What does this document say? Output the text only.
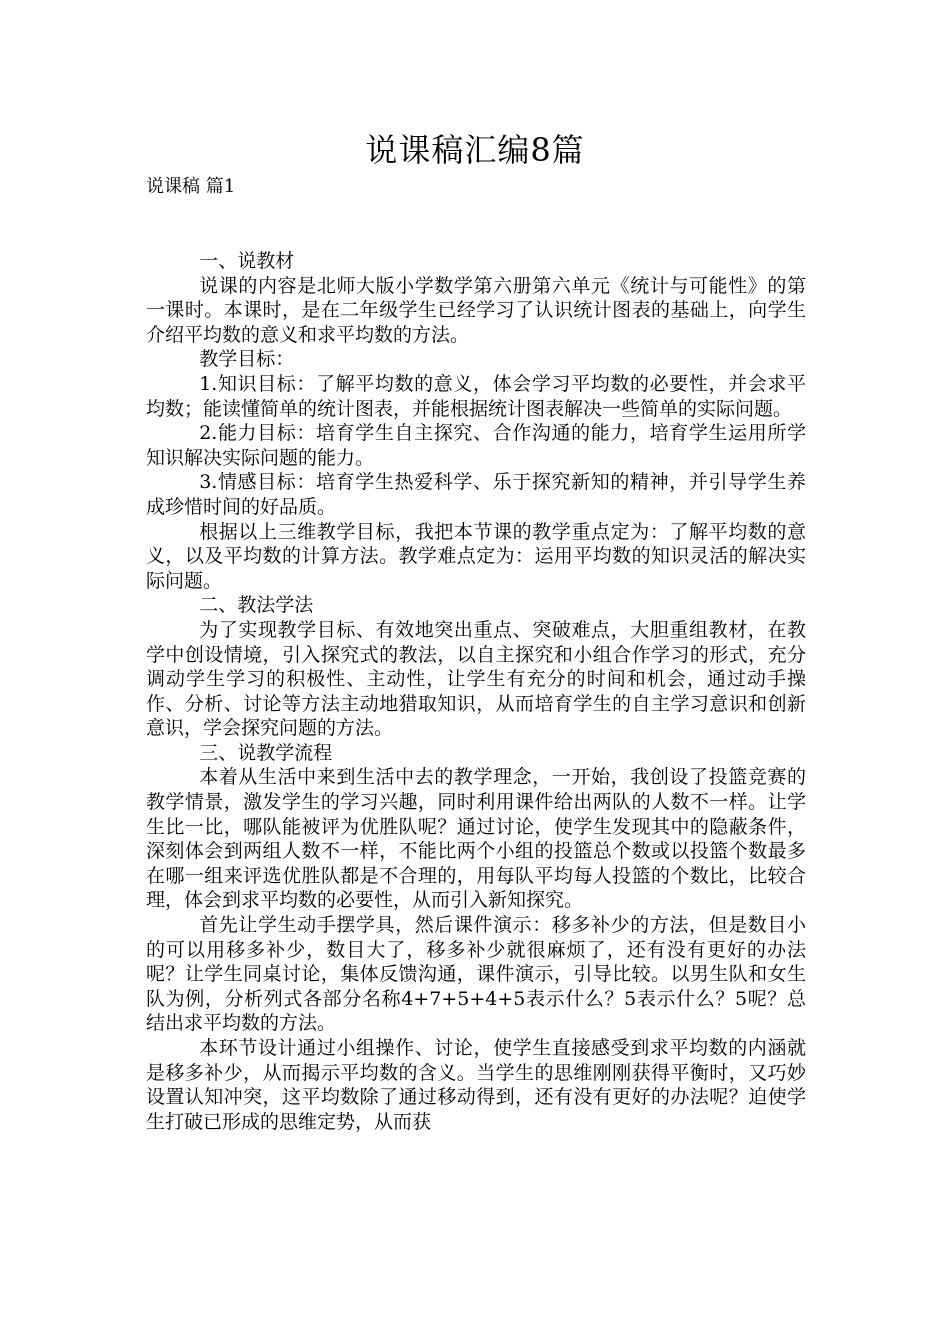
说课稿汇编8篇
说课稿 篇1

一、说教材

说课的内容是北师大版小学数学第六册第六单元《统计与可能性》的第一课时。本课时，是在二年级学生已经学习了认识统计图表的基础上，向学生介绍平均数的意义和求平均数的方法。

教学目标：

1.知识目标：了解平均数的意义，体会学习平均数的必要性，并会求平均数；能读懂简单的统计图表，并能根据统计图表解决一些简单的实际问题。

2.能力目标：培育学生自主探究、合作沟通的能力，培育学生运用所学知识解决实际问题的能力。

3.情感目标：培育学生热爱科学、乐于探究新知的精神，并引导学生养成珍惜时间的好品质。

根据以上三维教学目标，我把本节课的教学重点定为：了解平均数的意义，以及平均数的计算方法。教学难点定为：运用平均数的知识灵活的解决实际问题。

二、教法学法

为了实现教学目标、有效地突出重点、突破难点，大胆重组教材，在教学中创设情境，引入探究式的教法，以自主探究和小组合作学习的形式，充分调动学生学习的积极性、主动性，让学生有充分的时间和机会，通过动手操作、分析、讨论等方法主动地猎取知识，从而培育学生的自主学习意识和创新意识，学会探究问题的方法。

三、说教学流程

本着从生活中来到生活中去的教学理念，一开始，我创设了投篮竞赛的教学情景，激发学生的学习兴趣，同时利用课件给出两队的人数不一样。让学生比一比，哪队能被评为优胜队呢？通过讨论，使学生发现其中的隐蔽条件，深刻体会到两组人数不一样，不能比两个小组的投篮总个数或以投篮个数最多在哪一组来评选优胜队都是不合理的，用每队平均每人投篮的个数比，比较合理，体会到求平均数的必要性，从而引入新知探究。

首先让学生动手摆学具，然后课件演示：移多补少的方法，但是数目小的可以用移多补少，数目大了，移多补少就很麻烦了，还有没有更好的办法呢？让学生同桌讨论，集体反馈沟通，课件演示，引导比较。以男生队和女生队为例，分析列式各部分名称4+7+5+4+5表示什么？5表示什么？5呢？总结出求平均数的方法。

本环节设计通过小组操作、讨论，使学生直接感受到求平均数的内涵就是移多补少，从而揭示平均数的含义。当学生的思维刚刚获得平衡时，又巧妙设置认知冲突，这平均数除了通过移动得到，还有没有更好的办法呢？迫使学生打破已形成的思维定势，从而获
